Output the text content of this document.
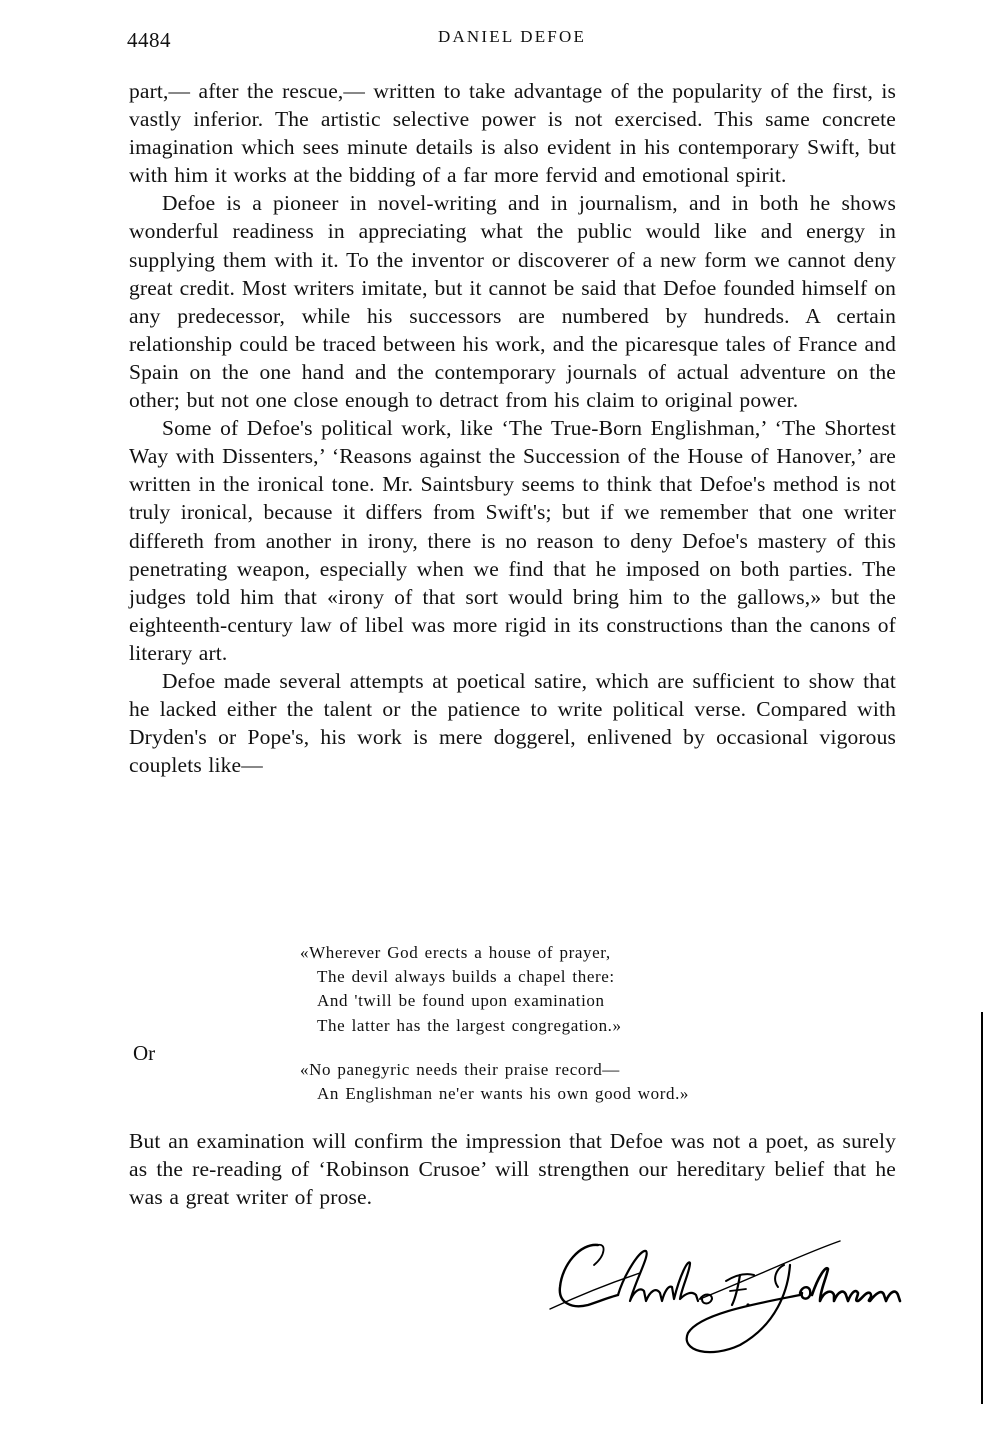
4484	DANIEL DEFOE

part,— after the rescue,— written to take advantage of the popularity of the first, is vastly inferior. The artistic selective power is not exercised. This same concrete imagination which sees minute details is also evident in his contemporary Swift, but with him it works at the bidding of a far more fervid and emotional spirit.

Defoe is a pioneer in novel-writing and in journalism, and in both he shows wonderful readiness in appreciating what the public would like and energy in supplying them with it. To the inventor or discoverer of a new form we cannot deny great credit. Most writers imitate, but it cannot be said that Defoe founded himself on any predecessor, while his successors are numbered by hundreds. A certain relationship could be traced between his work, and the picaresque tales of France and Spain on the one hand and the contemporary journals of actual adventure on the other; but not one close enough to detract from his claim to original power.

Some of Defoe's political work, like ‘The True-Born Englishman,’ ‘The Shortest Way with Dissenters,’ ‘Reasons against the Succession of the House of Hanover,’ are written in the ironical tone. Mr. Saintsbury seems to think that Defoe's method is not truly ironical, because it differs from Swift's; but if we remember that one writer differeth from another in irony, there is no reason to deny Defoe's mastery of this penetrating weapon, especially when we find that he imposed on both parties. The judges told him that «irony of that sort would bring him to the gallows,» but the eighteenth-century law of libel was more rigid in its constructions than the canons of literary art.

Defoe made several attempts at poetical satire, which are sufficient to show that he lacked either the talent or the patience to write political verse. Compared with Dryden's or Pope's, his work is mere doggerel, enlivened by occasional vigorous couplets like—

«Wherever God erects a house of prayer,
The devil always builds a chapel there:
And 'twill be found upon examination
The latter has the largest congregation.»
Or
«No panegyric needs their praise record—
An Englishman ne'er wants his own good word.»

But an examination will confirm the impression that Defoe was not a poet, as surely as the re-reading of ‘Robinson Crusoe’ will strengthen our hereditary belief that he was a great writer of prose.
